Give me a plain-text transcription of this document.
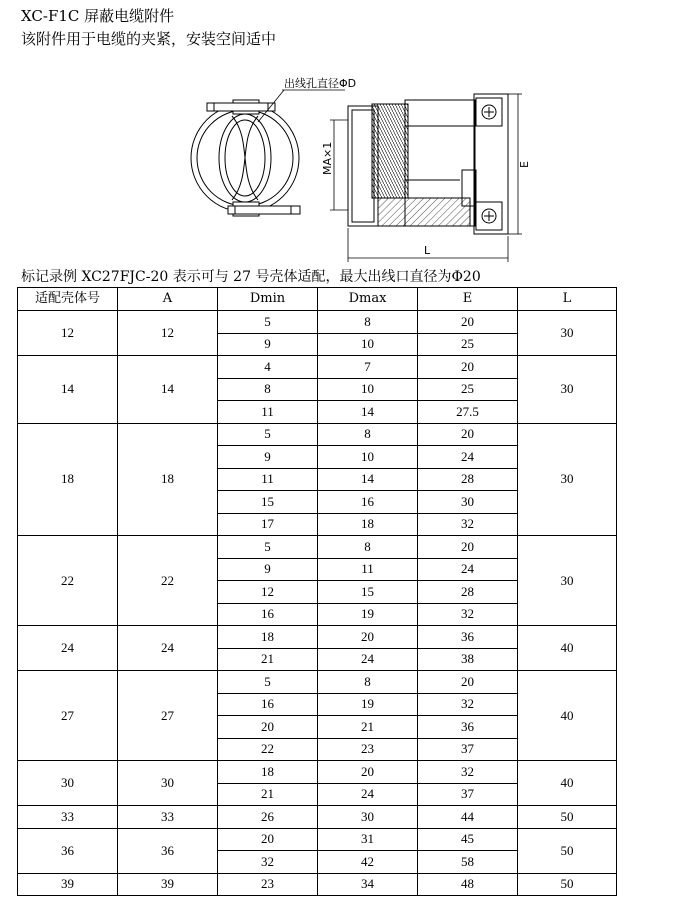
XC-F1C 屏蔽电缆附件
该附件用于电缆的夹紧，安装空间适中
出线孔直径ΦD
MA×1	E
L
标记录例 XC27FJC-20 表示可与 27 号壳体适配，最大出线口直径为Φ20
适配壳体号	A	Dmin	Dmax	E	L
12	12	5	8	20	30
		9	10	25	
14	14	4	7	20	30
		8	10	25	
		11	14	27.5	
18	18	5	8	20	30
		9	10	24	
		11	14	28	
		15	16	30	
		17	18	32	
22	22	5	8	20	30
		9	11	24	
		12	15	28	
		16	19	32	
24	24	18	20	36	40
		21	24	38	
27	27	5	8	20	40
		16	19	32	
		20	21	36	
		22	23	37	
30	30	18	20	32	40
		21	24	37	
33	33	26	30	44	50
36	36	20	31	45	50
		32	42	58	
39	39	23	34	48	50
